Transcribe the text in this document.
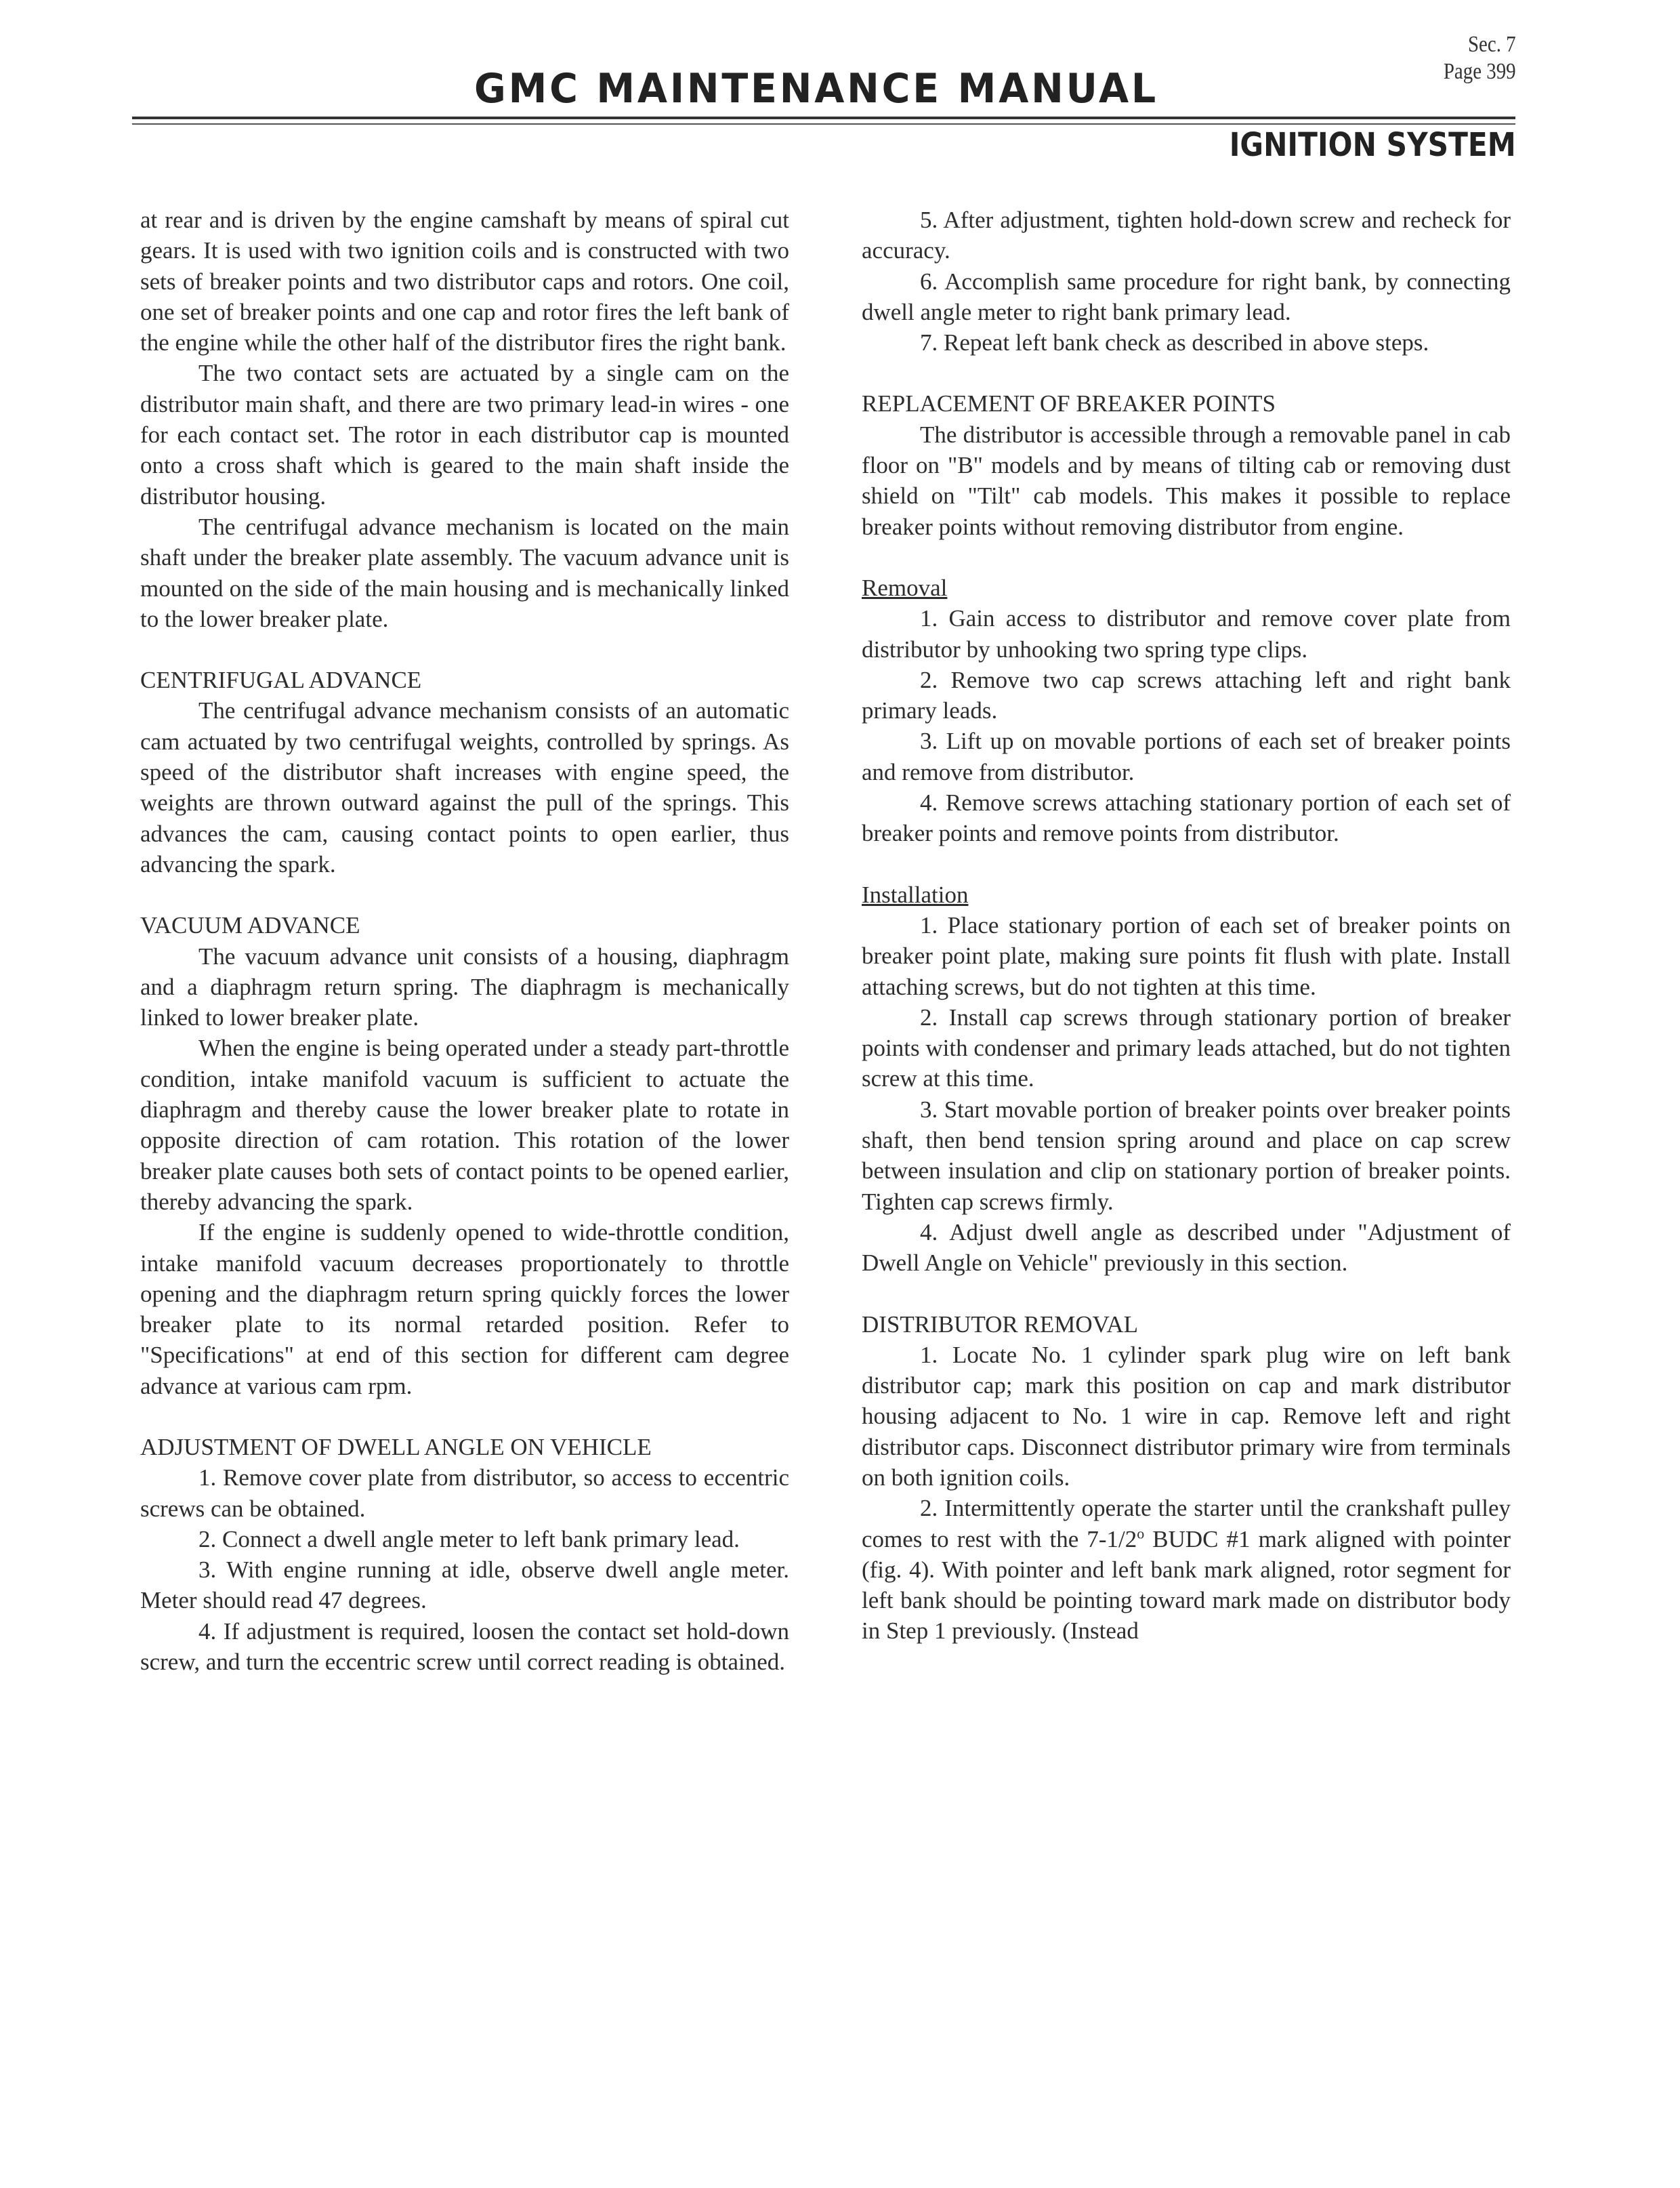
GMC MAINTENANCE MANUAL
Sec. 7
Page 399
IGNITION SYSTEM

at rear and is driven by the engine camshaft by means of spiral cut gears. It is used with two ignition coils and is constructed with two sets of breaker points and two distributor caps and rotors. One coil, one set of breaker points and one cap and rotor fires the left bank of the engine while the other half of the distributor fires the right bank.

The two contact sets are actuated by a single cam on the distributor main shaft, and there are two primary lead-in wires - one for each contact set. The rotor in each distributor cap is mounted onto a cross shaft which is geared to the main shaft inside the distributor housing.

The centrifugal advance mechanism is located on the main shaft under the breaker plate assembly. The vacuum advance unit is mounted on the side of the main housing and is mechanically linked to the lower breaker plate.

CENTRIFUGAL ADVANCE

The centrifugal advance mechanism consists of an automatic cam actuated by two centrifugal weights, controlled by springs. As speed of the distributor shaft increases with engine speed, the weights are thrown outward against the pull of the springs. This advances the cam, causing contact points to open earlier, thus advancing the spark.

VACUUM ADVANCE

The vacuum advance unit consists of a housing, diaphragm and a diaphragm return spring. The diaphragm is mechanically linked to lower breaker plate.

When the engine is being operated under a steady part-throttle condition, intake manifold vacuum is sufficient to actuate the diaphragm and thereby cause the lower breaker plate to rotate in opposite direction of cam rotation. This rotation of the lower breaker plate causes both sets of contact points to be opened earlier, thereby advancing the spark.

If the engine is suddenly opened to wide-throttle condition, intake manifold vacuum decreases proportionately to throttle opening and the diaphragm return spring quickly forces the lower breaker plate to its normal retarded position. Refer to "Specifications" at end of this section for different cam degree advance at various cam rpm.

ADJUSTMENT OF DWELL ANGLE ON VEHICLE

1. Remove cover plate from distributor, so access to eccentric screws can be obtained.

2. Connect a dwell angle meter to left bank primary lead.

3. With engine running at idle, observe dwell angle meter. Meter should read 47 degrees.

4. If adjustment is required, loosen the contact set hold-down screw, and turn the eccentric screw until correct reading is obtained.

5. After adjustment, tighten hold-down screw and recheck for accuracy.

6. Accomplish same procedure for right bank, by connecting dwell angle meter to right bank primary lead.

7. Repeat left bank check as described in above steps.

REPLACEMENT OF BREAKER POINTS

The distributor is accessible through a removable panel in cab floor on "B" models and by means of tilting cab or removing dust shield on "Tilt" cab models. This makes it possible to replace breaker points without removing distributor from engine.

Removal

1. Gain access to distributor and remove cover plate from distributor by unhooking two spring type clips.

2. Remove two cap screws attaching left and right bank primary leads.

3. Lift up on movable portions of each set of breaker points and remove from distributor.

4. Remove screws attaching stationary portion of each set of breaker points and remove points from distributor.

Installation

1. Place stationary portion of each set of breaker points on breaker point plate, making sure points fit flush with plate. Install attaching screws, but do not tighten at this time.

2. Install cap screws through stationary portion of breaker points with condenser and primary leads attached, but do not tighten screw at this time.

3. Start movable portion of breaker points over breaker points shaft, then bend tension spring around and place on cap screw between insulation and clip on stationary portion of breaker points. Tighten cap screws firmly.

4. Adjust dwell angle as described under "Adjustment of Dwell Angle on Vehicle" previously in this section.

DISTRIBUTOR REMOVAL

1. Locate No. 1 cylinder spark plug wire on left bank distributor cap; mark this position on cap and mark distributor housing adjacent to No. 1 wire in cap. Remove left and right distributor caps. Disconnect distributor primary wire from terminals on both ignition coils.

2. Intermittently operate the starter until the crankshaft pulley comes to rest with the 7-1/2$^o$ BUDC #1 mark aligned with pointer (fig. 4). With pointer and left bank mark aligned, rotor segment for left bank should be pointing toward mark made on distributor body in Step 1 previously. (Instead
